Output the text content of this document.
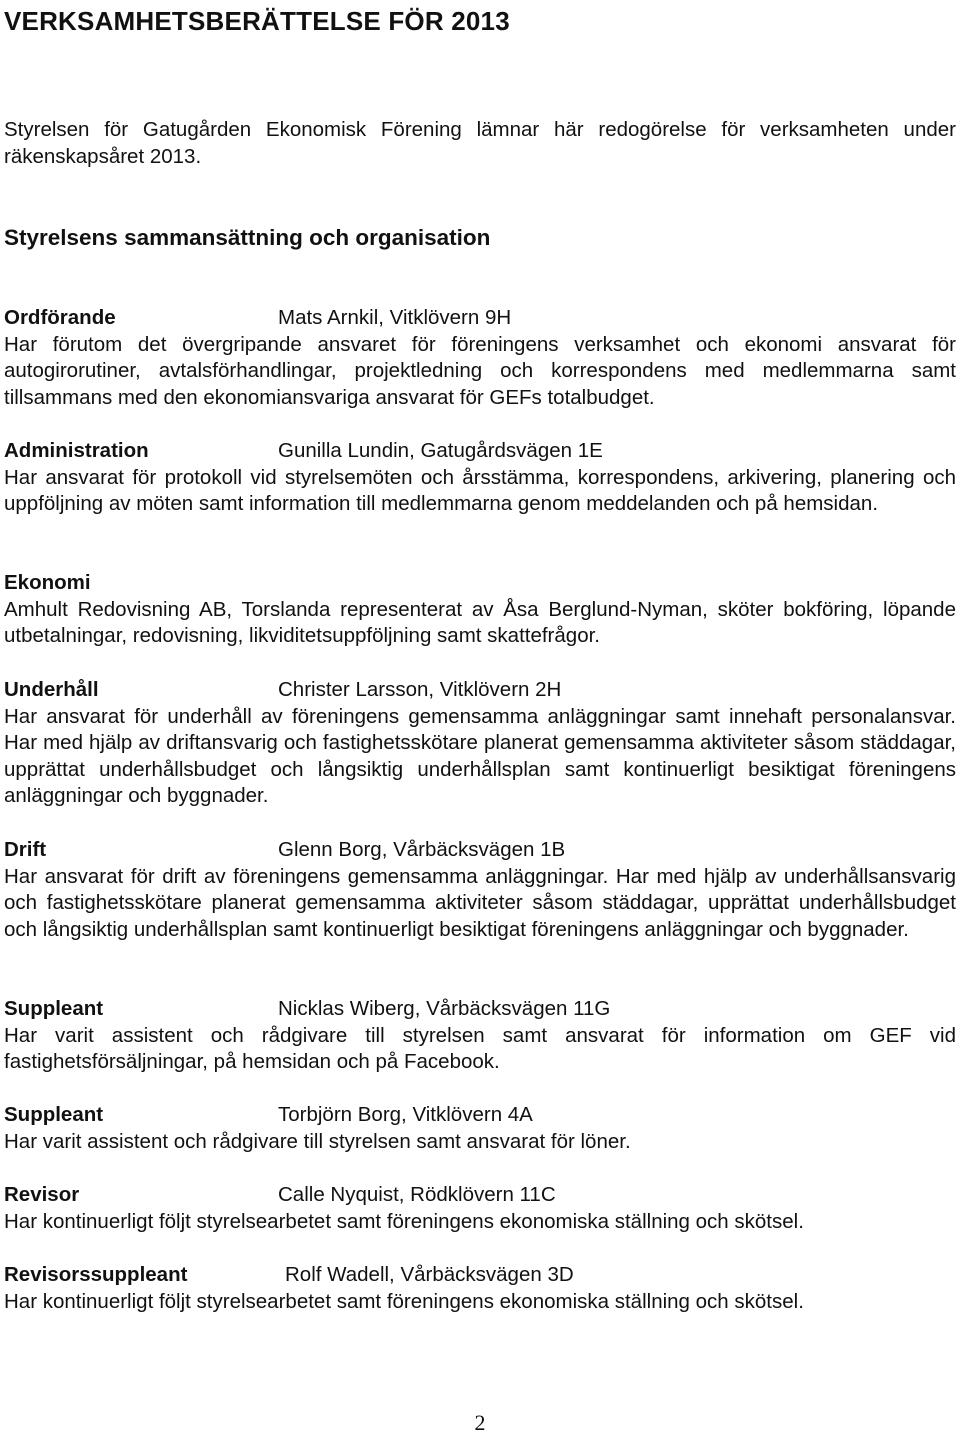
VERKSAMHETSBERÄTTELSE FÖR 2013

Styrelsen för Gatugården Ekonomisk Förening lämnar här redogörelse för verksamheten under räkenskapsåret 2013.

Styrelsens sammansättning och organisation
Ordförande	Mats Arnkil, Vitklövern 9H

Har förutom det övergripande ansvaret för föreningens verksamhet och ekonomi ansvarat för autogirorutiner, avtalsförhandlingar, projektledning och korrespondens med medlemmarna samt tillsammans med den ekonomiansvariga ansvarat för GEFs totalbudget.

Administration	Gunilla Lundin, Gatugårdsvägen 1E

Har ansvarat för protokoll vid styrelsemöten och årsstämma, korrespondens, arkivering, planering och uppföljning av möten samt information till medlemmarna genom meddelanden och på hemsidan.

Ekonomi

Amhult Redovisning AB, Torslanda representerat av Åsa Berglund-Nyman, sköter bokföring, löpande utbetalningar, redovisning, likviditetsuppföljning samt skattefrågor.

Underhåll	Christer Larsson, Vitklövern 2H

Har ansvarat för underhåll av föreningens gemensamma anläggningar samt innehaft personalansvar. Har med hjälp av driftansvarig och fastighetsskötare planerat gemensamma aktiviteter såsom städdagar, upprättat underhållsbudget och långsiktig underhållsplan samt kontinuerligt besiktigat föreningens anläggningar och byggnader.

Drift	Glenn Borg, Vårbäcksvägen 1B

Har ansvarat för drift av föreningens gemensamma anläggningar. Har med hjälp av underhållsansvarig och fastighetsskötare planerat gemensamma aktiviteter såsom städdagar, upprättat underhållsbudget och långsiktig underhållsplan samt kontinuerligt besiktigat föreningens anläggningar och byggnader.

Suppleant	Nicklas Wiberg, Vårbäcksvägen 11G

Har varit assistent och rådgivare till styrelsen samt ansvarat för information om GEF vid fastighetsförsäljningar, på hemsidan och på Facebook.

Suppleant	Torbjörn Borg, Vitklövern 4A

Har varit assistent och rådgivare till styrelsen samt ansvarat för löner.

Revisor	Calle Nyquist, Rödklövern 11C

Har kontinuerligt följt styrelsearbetet samt föreningens ekonomiska ställning och skötsel.

Revisorssuppleant	Rolf Wadell, Vårbäcksvägen 3D

Har kontinuerligt följt styrelsearbetet samt föreningens ekonomiska ställning och skötsel.

2
